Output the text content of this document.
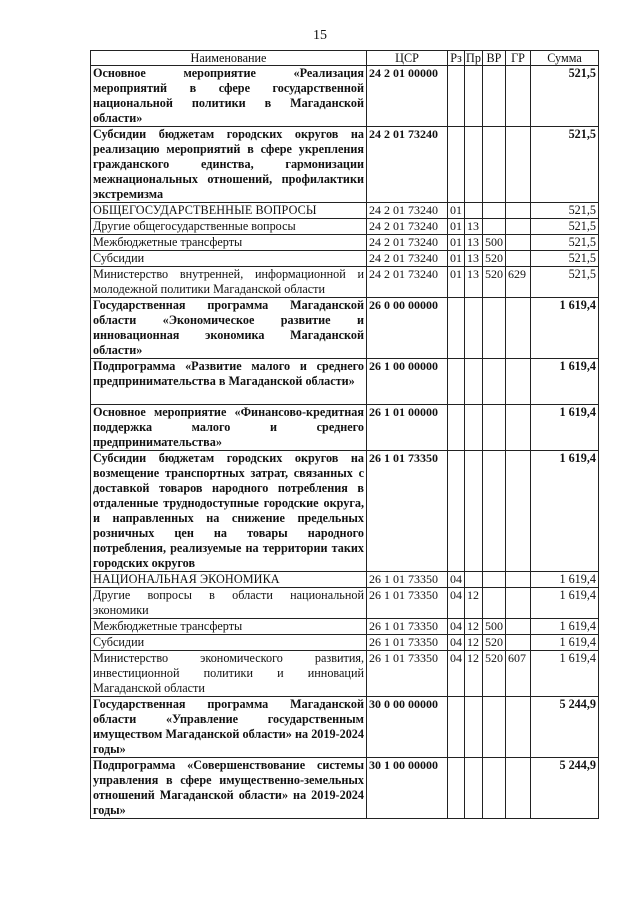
15
Наименование	ЦСР	Рз	Пр	ВР	ГР	Сумма
Основное мероприятие «Реализация мероприятий в сфере государственной национальной политики в Магаданской области»	24 2 01 00000					521,5
Субсидии бюджетам городских округов на реализацию мероприятий в сфере укрепления гражданского единства, гармонизации межнациональных отношений, профилактики экстремизма	24 2 01 73240					521,5
ОБЩЕГОСУДАРСТВЕННЫЕ ВОПРОСЫ	24 2 01 73240	01				521,5
Другие общегосударственные вопросы	24 2 01 73240	01	13			521,5
Межбюджетные трансферты	24 2 01 73240	01	13	500		521,5
Субсидии	24 2 01 73240	01	13	520		521,5
Министерство внутренней, информационной и молодежной политики Магаданской области	24 2 01 73240	01	13	520	629	521,5
Государственная программа Магаданской области «Экономическое развитие и инновационная экономика Магаданской области»	26 0 00 00000					1 619,4
Подпрограмма «Развитие малого и среднего предпринимательства в Магаданской области»	26 1 00 00000					1 619,4
Основное мероприятие «Финансово-кредитная поддержка малого и среднего предпринимательства»	26 1 01 00000					1 619,4
Субсидии бюджетам городских округов на возмещение транспортных затрат, связанных с доставкой товаров народного потребления в отдаленные труднодоступные городские округа, и направленных на снижение предельных розничных цен на товары народного потребления, реализуемые на территории таких городских округов	26 1 01 73350					1 619,4
НАЦИОНАЛЬНАЯ ЭКОНОМИКА	26 1 01 73350	04				1 619,4
Другие вопросы в области национальной экономики	26 1 01 73350	04	12			1 619,4
Межбюджетные трансферты	26 1 01 73350	04	12	500		1 619,4
Субсидии	26 1 01 73350	04	12	520		1 619,4
Министерство экономического развития, инвестиционной политики и инноваций Магаданской области	26 1 01 73350	04	12	520	607	1 619,4
Государственная программа Магаданской области «Управление государственным имуществом Магаданской области» на 2019-2024 годы»	30 0 00 00000					5 244,9
Подпрограмма «Совершенствование системы управления в сфере имущественно-земельных отношений Магаданской области» на 2019-2024 годы»	30 1 00 00000					5 244,9
